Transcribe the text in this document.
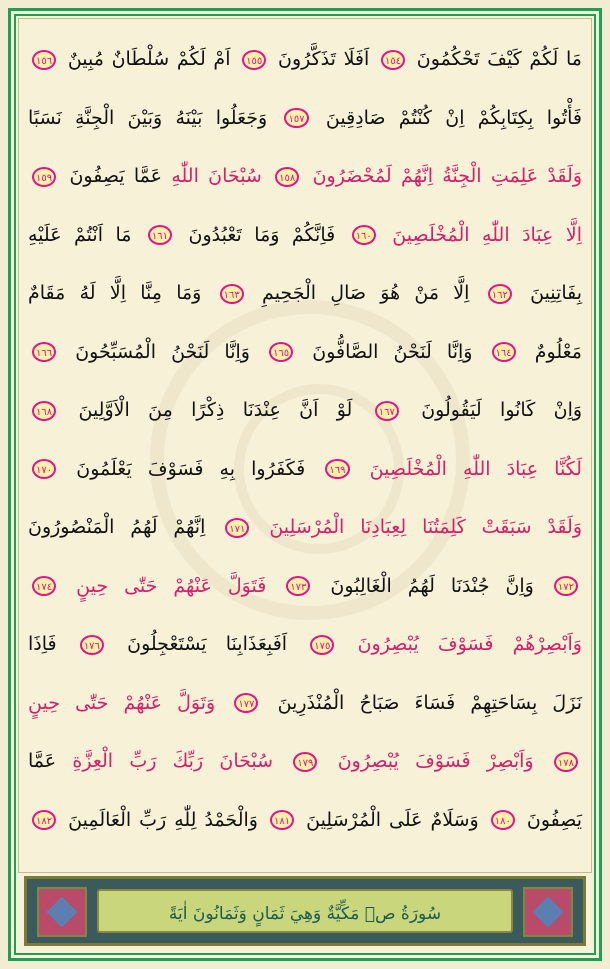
مَا لَكُمْ كَيْفَ تَحْكُمُونَ ١٥٤ اَفَلَا تَذَكَّرُونَ ١٥٥ اَمْ لَكُمْ سُلْطَانٌ مُبِينٌ ١٥٦
فَأْتُوا بِكِتَابِكُمْ اِنْ كُنْتُمْ صَادِقِينَ ١٥٧ وَجَعَلُوا بَيْنَهُ وَبَيْنَ الْجِنَّةِ نَسَبًا
وَلَقَدْ عَلِمَتِ الْجِنَّةُ اِنَّهُمْ لَمُحْضَرُونَ ١٥٨ سُبْحَانَ اللّٰهِ عَمَّا يَصِفُونَ ١٥٩
اِلَّا عِبَادَ اللّٰهِ الْمُخْلَصِينَ ١٦٠ فَاِنَّكُمْ وَمَا تَعْبُدُونَ ١٦١ مَا اَنْتُمْ عَلَيْهِ
بِفَاتِنِينَ ١٦٢ اِلَّا مَنْ هُوَ صَالِ الْجَحِيمِ ١٦٣ وَمَا مِنَّا اِلَّا لَهُ مَقَامٌ
مَعْلُومٌ ١٦٤ وَاِنَّا لَنَحْنُ الصَّافُّونَ ١٦٥ وَاِنَّا لَنَحْنُ الْمُسَبِّحُونَ ١٦٦
وَاِنْ كَانُوا لَيَقُولُونَ ١٦٧ لَوْ اَنَّ عِنْدَنَا ذِكْرًا مِنَ الْاَوَّلِينَ ١٦٨
لَكُنَّا عِبَادَ اللّٰهِ الْمُخْلَصِينَ ١٦٩ فَكَفَرُوا بِهِ فَسَوْفَ يَعْلَمُونَ ١٧٠
وَلَقَدْ سَبَقَتْ كَلِمَتُنَا لِعِبَادِنَا الْمُرْسَلِينَ ١٧١ اِنَّهُمْ لَهُمُ الْمَنْصُورُونَ
١٧٢ وَاِنَّ جُنْدَنَا لَهُمُ الْغَالِبُونَ ١٧٣ فَتَوَلَّ عَنْهُمْ حَتّٰى حِينٍ ١٧٤
وَاَبْصِرْهُمْ فَسَوْفَ يُبْصِرُونَ ١٧٥ اَفَبِعَذَابِنَا يَسْتَعْجِلُونَ ١٧٦ فَاِذَا
نَزَلَ بِسَاحَتِهِمْ فَسَاءَ صَبَاحُ الْمُنْذَرِينَ ١٧٧ وَتَوَلَّ عَنْهُمْ حَتّٰى حِينٍ
١٧٨ وَاَبْصِرْ فَسَوْفَ يُبْصِرُونَ ١٧٩ سُبْحَانَ رَبِّكَ رَبِّ الْعِزَّةِ عَمَّا
يَصِفُونَ ١٨٠ وَسَلَامٌ عَلَى الْمُرْسَلِينَ ١٨١ وَالْحَمْدُ لِلّٰهِ رَبِّ الْعَالَمِينَ ١٨٢
سُورَةُ صۤ مَكِّيَّةٌ وَهِيَ ثَمَانٍ وَثَمَانُونَ اٰيَةً
